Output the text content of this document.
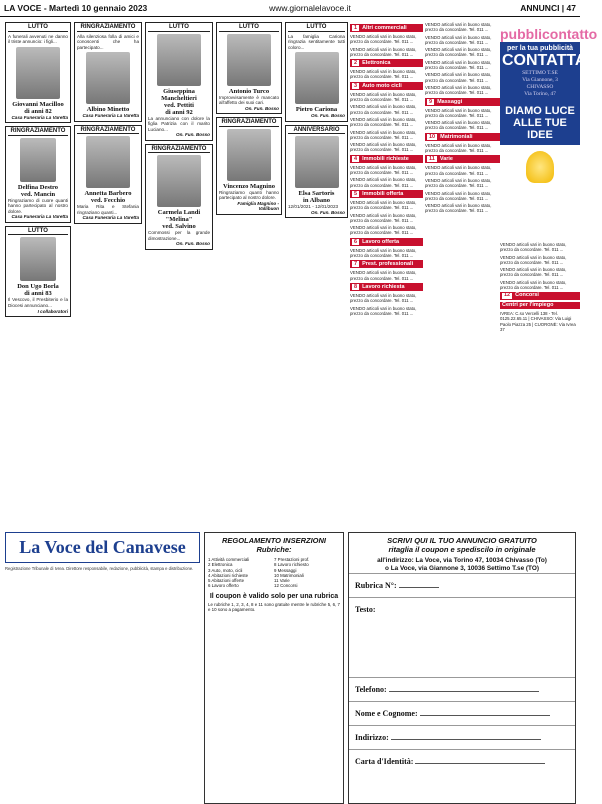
LA VOCE - Martedì 10 gennaio 2023	www.giornalelavoce.it	ANNUNCI | 47
LUTTO
A funerali avvenuti ne danno il triste annuncio: i figli...
Giovanni Macilloo
di anni 82
Casa Funeraria La Varetta
RINGRAZIAMENTO
Delfina Destro
ved. Mancin
Ringraziamo di cuore quanti hanno partecipato al nostro dolore.
Casa Funeraria La Varetta
LUTTO
Don Ugo Borla
di anni 83
Il Vescovo, il Presbiterio e la Diocesi annunciano...
I collaboratori
RINGRAZIAMENTO
Alla silenziosa folla di amici e conoscenti che ha partecipato...
Albino Minetto
Casa Funeraria La Varetta
RINGRAZIAMENTO
Annetta Barbero
ved. Fecchio
Maria Rita e Stefania ringraziano quanti...
Casa Funeraria La Varetta
LUTTO
Giuseppina Mancheltieri
ved. Pettiti
di anni 92
La annunciano con dolore la figlia Patrizia con il marito Luciano...
On. Fun. Bosso
RINGRAZIAMENTO
Carmela Landi "Melina"
ved. Salvino
Commossi per la grande dimostrazione...
On. Fun. Bosso
LUTTO
Antonio Turco
Improvvisamente è mancato all'affetto dei suoi cari.
On. Fun. Bosso
RINGRAZIAMENTO
Vincenzo Magnino
Ringraziamo quanti hanno partecipato al nostro dolore.
Famiglia Magnino - Vallibuon
LUTTO
La famiglia Cariona ringrazia sentitamente tutti coloro...
Pietro Cariona
On. Fun. Bosso
ANNIVERSARIO
Elsa Sartoris
in Albano
12/01/2021 - 12/01/2023
On. Fun. Bosso
1 Altri commerciali
VENDO articoli vari in buono stato, prezzo da concordare. Tel. 011 ...
VENDO articoli vari in buono stato, prezzo da concordare. Tel. 011 ...
2 Elettronica
VENDO articoli vari in buono stato, prezzo da concordare. Tel. 011 ...
3 Auto moto cicli
VENDO articoli vari in buono stato, prezzo da concordare. Tel. 011 ...
VENDO articoli vari in buono stato, prezzo da concordare. Tel. 011 ...
VENDO articoli vari in buono stato, prezzo da concordare. Tel. 011 ...
VENDO articoli vari in buono stato, prezzo da concordare. Tel. 011 ...
VENDO articoli vari in buono stato, prezzo da concordare. Tel. 011 ...
4 Immobili richieste
VENDO articoli vari in buono stato, prezzo da concordare. Tel. 011 ...
VENDO articoli vari in buono stato, prezzo da concordare. Tel. 011 ...
5 Immobili offerta
VENDO articoli vari in buono stato, prezzo da concordare. Tel. 011 ...
VENDO articoli vari in buono stato, prezzo da concordare. Tel. 011 ...
VENDO articoli vari in buono stato, prezzo da concordare. Tel. 011 ...
6 Lavoro offerta
VENDO articoli vari in buono stato, prezzo da concordare. Tel. 011 ...
7 Prest. professionali
VENDO articoli vari in buono stato, prezzo da concordare. Tel. 011 ...
8 Lavoro richiesta
VENDO articoli vari in buono stato, prezzo da concordare. Tel. 011 ...
VENDO articoli vari in buono stato, prezzo da concordare. Tel. 011 ...
VENDO articoli vari in buono stato, prezzo da concordare. Tel. 011 ...
VENDO articoli vari in buono stato, prezzo da concordare. Tel. 011 ...
VENDO articoli vari in buono stato, prezzo da concordare. Tel. 011 ...
VENDO articoli vari in buono stato, prezzo da concordare. Tel. 011 ...
VENDO articoli vari in buono stato, prezzo da concordare. Tel. 011 ...
VENDO articoli vari in buono stato, prezzo da concordare. Tel. 011 ...
9 Massaggi
VENDO articoli vari in buono stato, prezzo da concordare. Tel. 011 ...
VENDO articoli vari in buono stato, prezzo da concordare. Tel. 011 ...
10 Matrimoniali
VENDO articoli vari in buono stato, prezzo da concordare. Tel. 011 ...
11 Varie
VENDO articoli vari in buono stato, prezzo da concordare. Tel. 011 ...
VENDO articoli vari in buono stato, prezzo da concordare. Tel. 011 ...
VENDO articoli vari in buono stato, prezzo da concordare. Tel. 011 ...
VENDO articoli vari in buono stato, prezzo da concordare. Tel. 011 ...
pubblicontatto
per la tua pubblicità
CONTATTACI
SETTIMO T.SE
Via Giannone, 3
CHIVASSO
Via Torino, 47
DIAMO LUCE ALLE TUE IDEE
VENDO articoli vari in buono stato, prezzo da concordare. Tel. 011 ...
VENDO articoli vari in buono stato, prezzo da concordare. Tel. 011 ...
VENDO articoli vari in buono stato, prezzo da concordare. Tel. 011 ...
VENDO articoli vari in buono stato, prezzo da concordare. Tel. 011 ...
12 Concorsi
Centri per l'impiego
IVREA: C.so Vercelli 138 - Tel. 0125.22.65.11 | CHIVASSO: Via Luigi Paolo Piazza 25 | CUORGNÈ: Via Ivrea 37
La Voce del Canavese
Registrazione Tribunale di Ivrea. Direttore responsabile, redazione, pubblicità, stampa e distribuzione.
REGOLAMENTO INSERZIONI
Rubriche:
1 Attività commerciali	7 Prestazioni prof.
2 Elettronica	8 Lavoro richiesto
3 Auto, moto, cicli	9 Messaggi
4 Abitazioni richieste	10 Matrimoniali
5 Abitazioni offerte	11 Varie
6 Lavoro offerto	12 Concorsi
Il coupon è valido solo per una rubrica
Le rubriche 1, 2, 3, 4, 8 e 11 sono gratuite mentre le rubriche 5, 6, 7 e 10 sono a pagamento.
SCRIVI QUI IL TUO ANNUNCIO GRATUITO
ritaglia il coupon e spediscilo in originale
all'indirizzo: La Voce, via Torino 47, 10034 Chivasso (To)
o La Voce, via Giannone 3, 10036 Settimo T.se (TO)
Rubrica N°:
Testo:
Telefono:
Nome e Cognome:
Indirizzo:
Carta d'Identità:
